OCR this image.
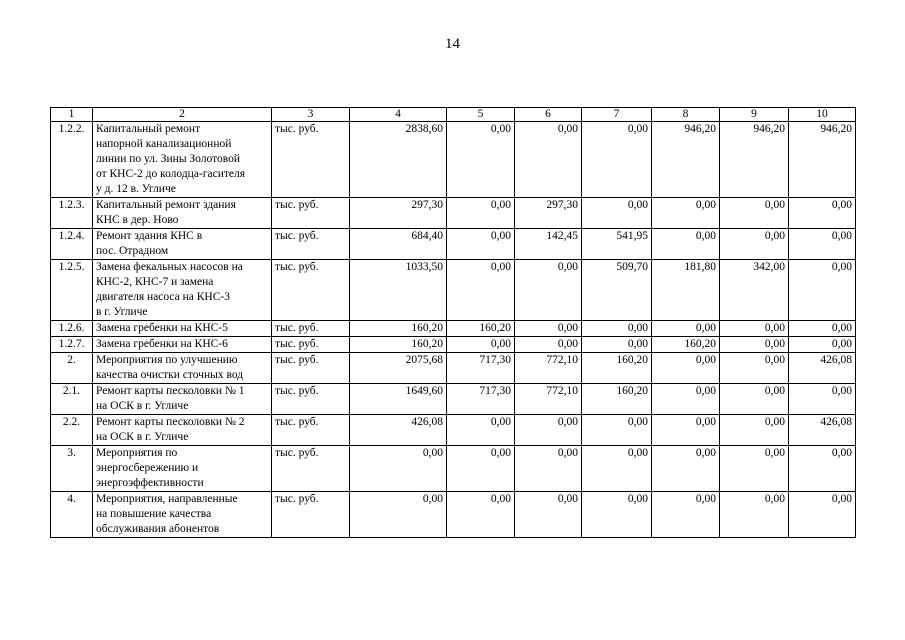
14
1	2	3	4	5	6	7	8	9	10
1.2.2.	Капитальный ремонт
напорной канализационной
линии по ул. Зины Золотовой
от КНС-2 до колодца-гасителя
у д. 12 в. Угличе	тыс. руб.	2838,60	0,00	0,00	0,00	946,20	946,20	946,20
1.2.3.	Капитальный ремонт здания
КНС в дер. Ново	тыс. руб.	297,30	0,00	297,30	0,00	0,00	0,00	0,00
1.2.4.	Ремонт здания КНС в
пос. Отрадном	тыс. руб.	684,40	0,00	142,45	541,95	0,00	0,00	0,00
1.2.5.	Замена фекальных насосов на
КНС-2, КНС-7 и замена
двигателя насоса на КНС-3
в г. Угличе	тыс. руб.	1033,50	0,00	0,00	509,70	181,80	342,00	0,00
1.2.6.	Замена гребенки на КНС-5	тыс. руб.	160,20	160,20	0,00	0,00	0,00	0,00	0,00
1.2.7.	Замена гребенки на КНС-6	тыс. руб.	160,20	0,00	0,00	0,00	160,20	0,00	0,00
2.	Мероприятия по улучшению
качества очистки сточных вод	тыс. руб.	2075,68	717,30	772,10	160,20	0,00	0,00	426,08
2.1.	Ремонт карты песколовки № 1
на ОСК в г. Угличе	тыс. руб.	1649,60	717,30	772,10	160,20	0,00	0,00	0,00
2.2.	Ремонт карты песколовки № 2
на ОСК в г. Угличе	тыс. руб.	426,08	0,00	0,00	0,00	0,00	0,00	426,08
3.	Мероприятия по
энергосбережению и
энергоэффективности	тыс. руб.	0,00	0,00	0,00	0,00	0,00	0,00	0,00
4.	Мероприятия, направленные
на повышение качества
обслуживания абонентов	тыс. руб.	0,00	0,00	0,00	0,00	0,00	0,00	0,00
